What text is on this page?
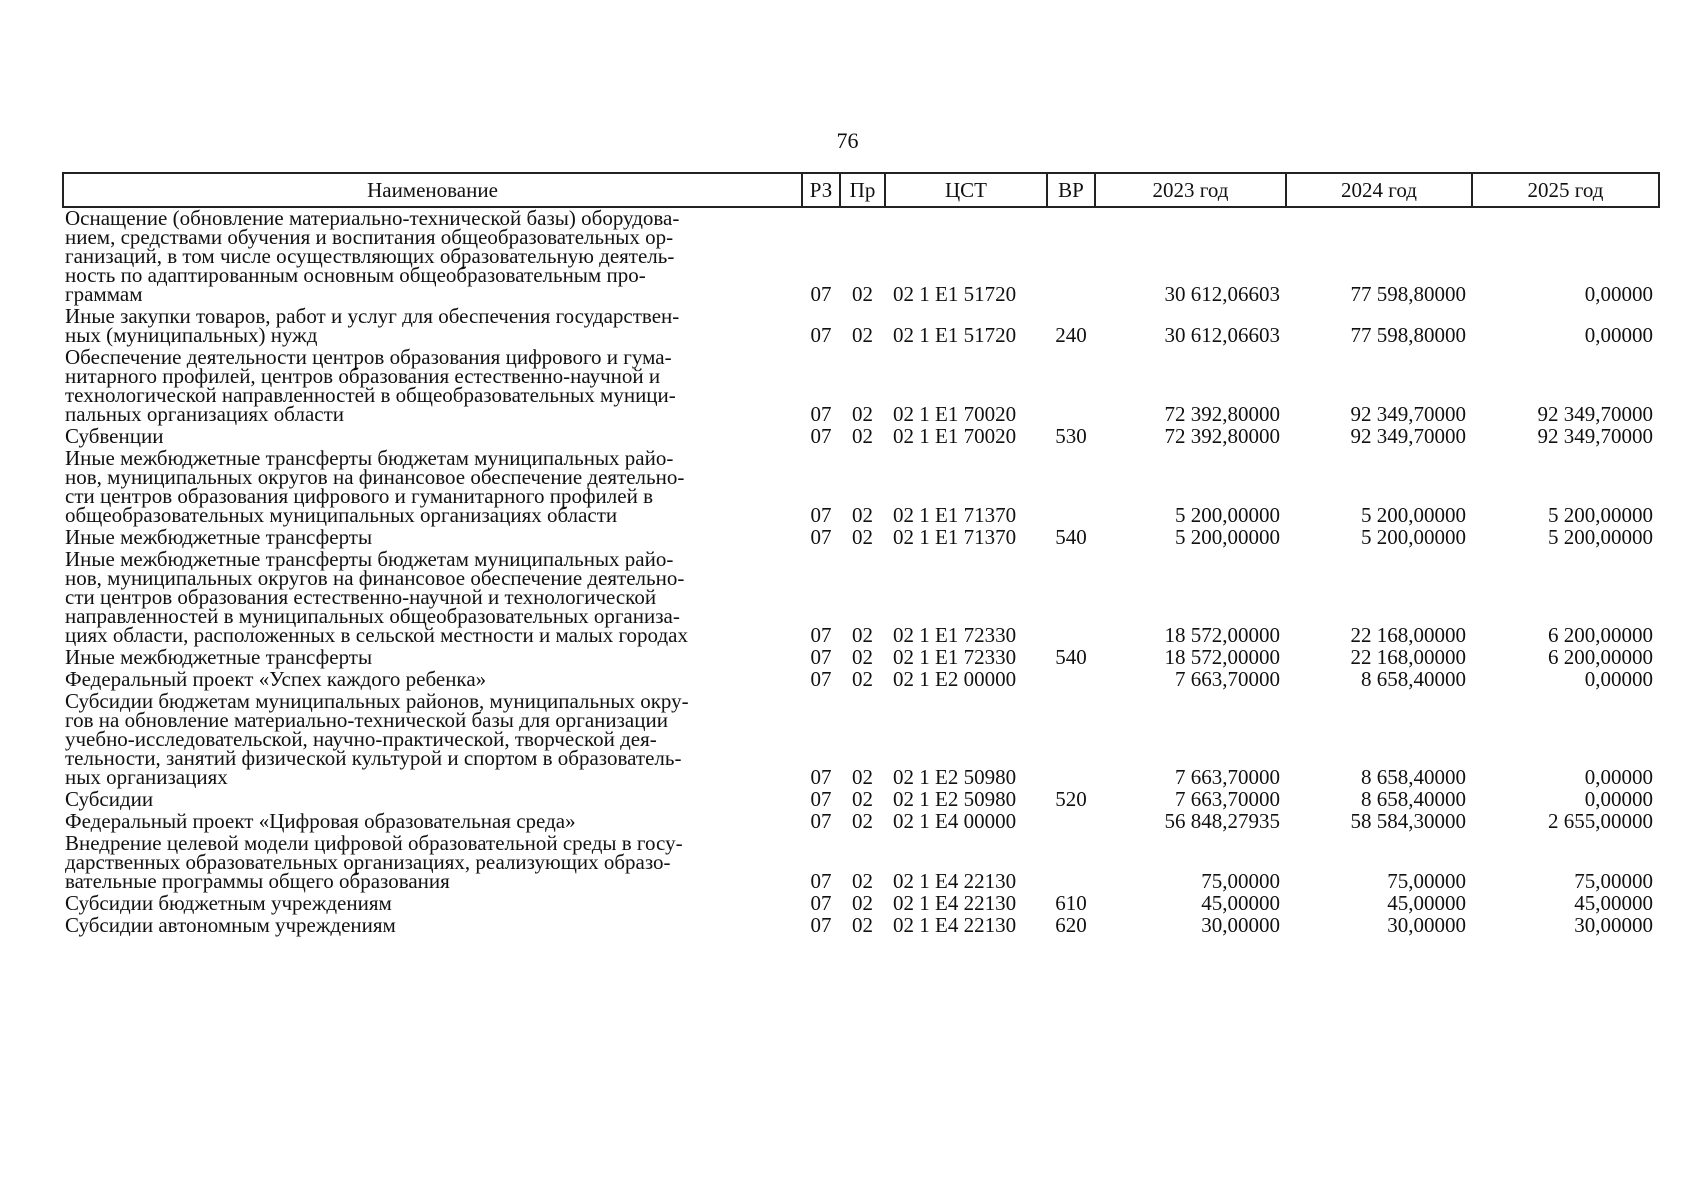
76
Наименование	РЗ	Пр	ЦСТ	ВР	2023 год	2024 год	2025 год
Оснащение (обновление материально-технической базы) оборудова-
нием, средствами обучения и воспитания общеобразовательных ор-
ганизаций, в том числе осуществляющих образовательную деятель-
ность по адаптированным основным общеобразовательным про-
граммам	07	02	02 1 E1 51720		30 612,06603	77 598,80000	0,00000
Иные закупки товаров, работ и услуг для обеспечения государствен-
ных (муниципальных) нужд	07	02	02 1 E1 51720	240	30 612,06603	77 598,80000	0,00000
Обеспечение деятельности центров образования цифрового и гума-
нитарного профилей, центров образования естественно-научной и
технологической направленностей в общеобразовательных муници-
пальных организациях области	07	02	02 1 E1 70020		72 392,80000	92 349,70000	92 349,70000
Субвенции	07	02	02 1 E1 70020	530	72 392,80000	92 349,70000	92 349,70000
Иные межбюджетные трансферты бюджетам муниципальных райо-
нов, муниципальных округов на финансовое обеспечение деятельно-
сти центров образования цифрового и гуманитарного профилей в
общеобразовательных муниципальных организациях области	07	02	02 1 E1 71370		5 200,00000	5 200,00000	5 200,00000
Иные межбюджетные трансферты	07	02	02 1 E1 71370	540	5 200,00000	5 200,00000	5 200,00000
Иные межбюджетные трансферты бюджетам муниципальных райо-
нов, муниципальных округов на финансовое обеспечение деятельно-
сти центров образования естественно-научной и технологической
направленностей в муниципальных общеобразовательных организа-
циях области, расположенных в сельской местности и малых городах	07	02	02 1 E1 72330		18 572,00000	22 168,00000	6 200,00000
Иные межбюджетные трансферты	07	02	02 1 E1 72330	540	18 572,00000	22 168,00000	6 200,00000
Федеральный проект «Успех каждого ребенка»	07	02	02 1 E2 00000		7 663,70000	8 658,40000	0,00000
Субсидии бюджетам муниципальных районов, муниципальных окру-
гов на обновление материально-технической базы для организации
учебно-исследовательской, научно-практической, творческой дея-
тельности, занятий физической культурой и спортом в образователь-
ных организациях	07	02	02 1 E2 50980		7 663,70000	8 658,40000	0,00000
Субсидии	07	02	02 1 E2 50980	520	7 663,70000	8 658,40000	0,00000
Федеральный проект «Цифровая образовательная среда»	07	02	02 1 E4 00000		56 848,27935	58 584,30000	2 655,00000
Внедрение целевой модели цифровой образовательной среды в госу-
дарственных образовательных организациях, реализующих образо-
вательные программы общего образования	07	02	02 1 E4 22130		75,00000	75,00000	75,00000
Субсидии бюджетным учреждениям	07	02	02 1 E4 22130	610	45,00000	45,00000	45,00000
Субсидии автономным учреждениям	07	02	02 1 E4 22130	620	30,00000	30,00000	30,00000
